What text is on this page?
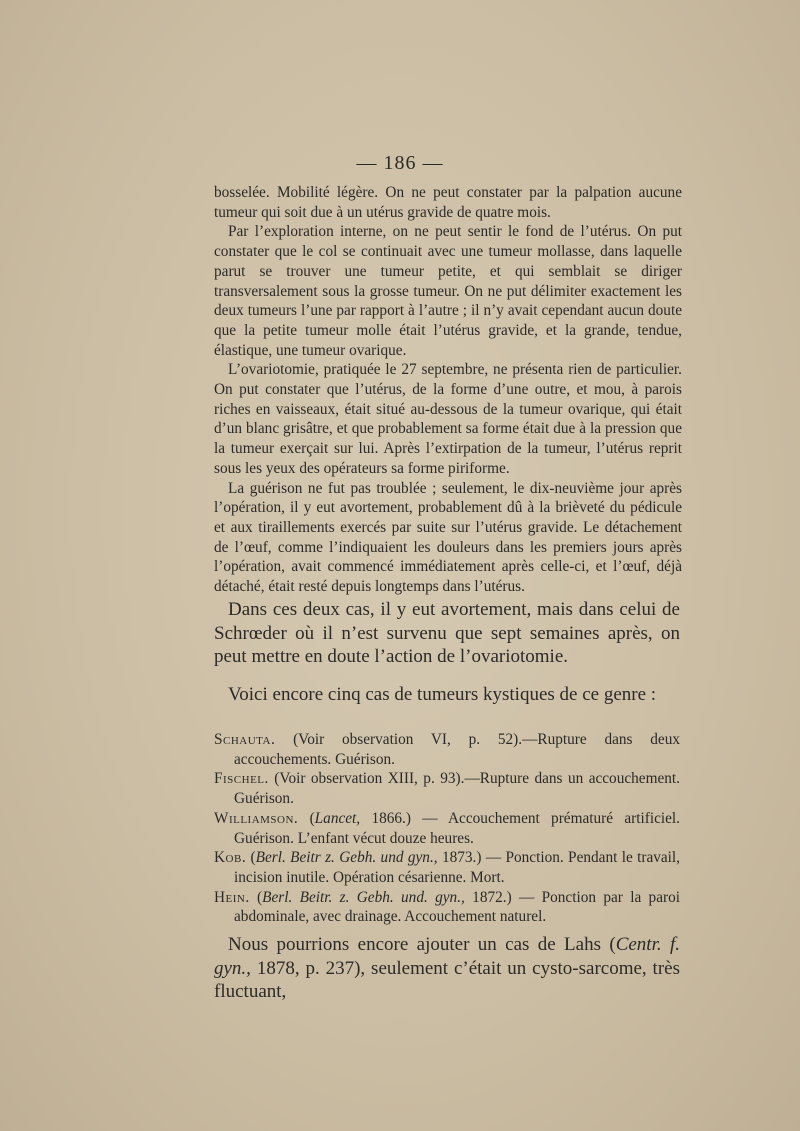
— 186 —

bosselée. Mobilité légère. On ne peut constater par la palpation aucune tumeur qui soit due à un utérus gravide de quatre mois.

Par l’exploration interne, on ne peut sentir le fond de l’utérus. On put constater que le col se continuait avec une tumeur mollasse, dans laquelle parut se trouver une tumeur petite, et qui semblait se diriger transversalement sous la grosse tumeur. On ne put délimiter exactement les deux tumeurs l’une par rapport à l’autre ; il n’y avait cependant aucun doute que la petite tumeur molle était l’utérus gravide, et la grande, tendue, élastique, une tumeur ovarique.

L’ovariotomie, pratiquée le 27 septembre, ne présenta rien de particulier. On put constater que l’utérus, de la forme d’une outre, et mou, à parois riches en vaisseaux, était situé au-dessous de la tumeur ovarique, qui était d’un blanc grisâtre, et que probablement sa forme était due à la pression que la tumeur exerçait sur lui. Après l’extirpation de la tumeur, l’utérus reprit sous les yeux des opérateurs sa forme piriforme.

La guérison ne fut pas troublée ; seulement, le dix-neuvième jour après l’opération, il y eut avortement, probablement dû à la brièveté du pédicule et aux tiraillements exercés par suite sur l’utérus gravide. Le détachement de l’œuf, comme l’indiquaient les douleurs dans les premiers jours après l’opération, avait commencé immédiatement après celle-ci, et l’œuf, déjà détaché, était resté depuis longtemps dans l’utérus.

Dans ces deux cas, il y eut avortement, mais dans celui de Schrœder où il n’est survenu que sept semaines après, on peut mettre en doute l’action de l’ovariotomie.

Voici encore cinq cas de tumeurs kystiques de ce genre :

Schauta. (Voir observation VI, p. 52).—Rupture dans deux accouchements. Guérison.

Fischel. (Voir observation XIII, p. 93).—Rupture dans un accouchement. Guérison.

Williamson. (Lancet, 1866.) — Accouchement prématuré artificiel. Guérison. L’enfant vécut douze heures.

Kob. (Berl. Beitr z. Gebh. und gyn., 1873.) — Ponction. Pendant le travail, incision inutile. Opération césarienne. Mort.

Hein. (Berl. Beitr. z. Gebh. und. gyn., 1872.) — Ponction par la paroi abdominale, avec drainage. Accouchement naturel.

Nous pourrions encore ajouter un cas de Lahs (Centr. f. gyn., 1878, p. 237), seulement c’était un cysto-sarcome, très fluctuant,
